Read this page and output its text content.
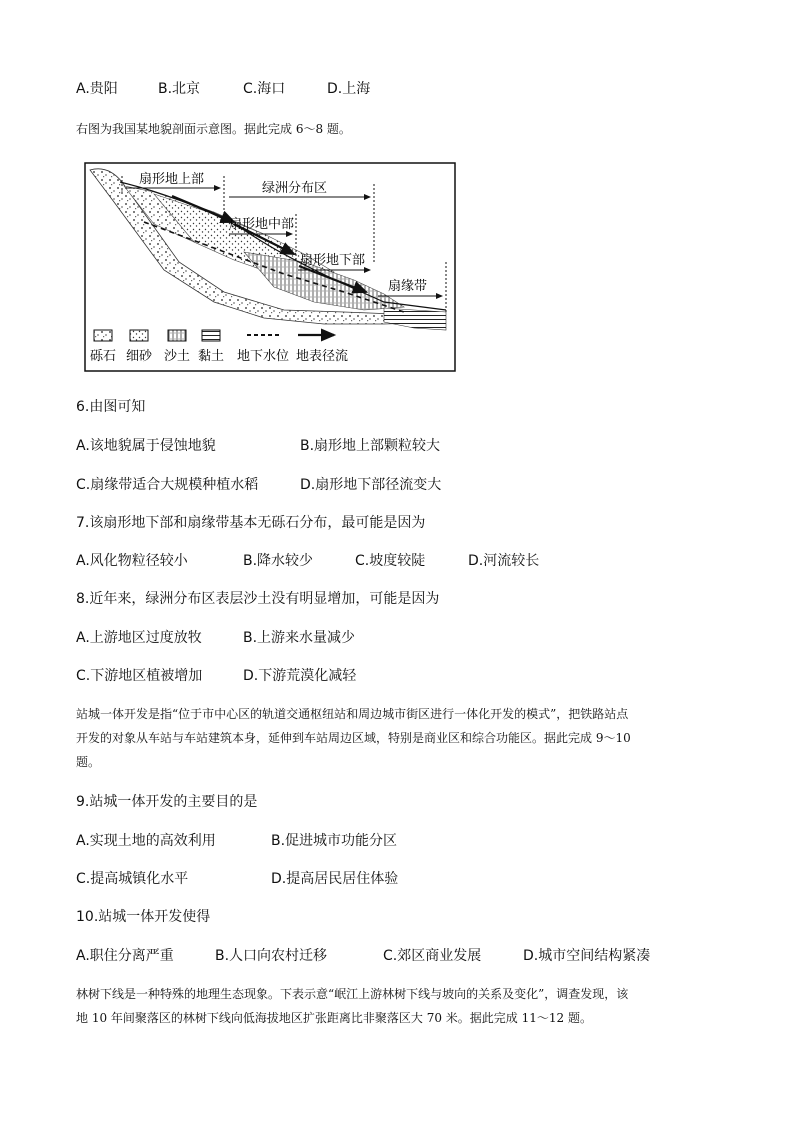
A.贵阳	B.北京	C.海口	D.上海
右图为我国某地貌剖面示意图。据此完成 6～8 题。
扇形地上部
绿洲分布区
扇形地中部
扇形地下部
扇缘带
砾石 细砂 沙土 黏土 地下水位 地表径流
6.由图可知
A.该地貌属于侵蚀地貌	B.扇形地上部颗粒较大
C.扇缘带适合大规模种植水稻	D.扇形地下部径流变大
7.该扇形地下部和扇缘带基本无砾石分布，最可能是因为
A.风化物粒径较小	B.降水较少	C.坡度较陡	D.河流较长
8.近年来，绿洲分布区表层沙土没有明显增加，可能是因为
A.上游地区过度放牧	B.上游来水量减少
C.下游地区植被增加	D.下游荒漠化减轻
站城一体开发是指“位于市中心区的轨道交通枢纽站和周边城市街区进行一体化开发的模式”，把铁路站点
开发的对象从车站与车站建筑本身，延伸到车站周边区域，特别是商业区和综合功能区。据此完成 9～10
题。
9.站城一体开发的主要目的是
A.实现土地的高效利用	B.促进城市功能分区
C.提高城镇化水平	D.提高居民居住体验
10.站城一体开发使得
A.职住分离严重	B.人口向农村迁移	C.郊区商业发展	D.城市空间结构紧凑
林树下线是一种特殊的地理生态现象。下表示意“岷江上游林树下线与坡向的关系及变化”，调查发现，该
地 10 年间聚落区的林树下线向低海拔地区扩张距离比非聚落区大 70 米。据此完成 11～12 题。
